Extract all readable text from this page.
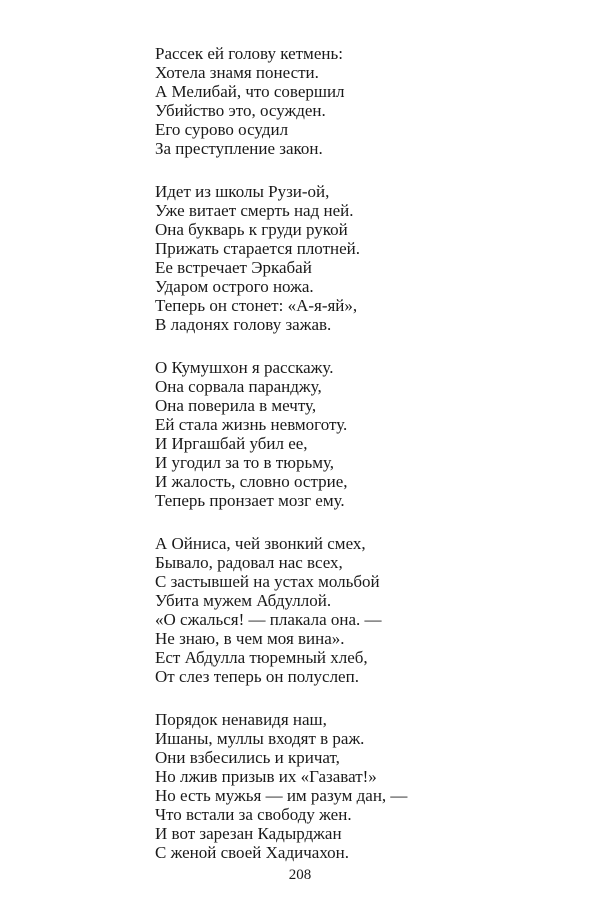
Рассек ей голову кетмень:
Хотела знамя понести.
А Мелибай, что совершил
Убийство это, осужден.
Его сурово осудил
За преступление закон.
Идет из школы Рузи-ой,
Уже витает смерть над ней.
Она букварь к груди рукой
Прижать старается плотней.
Ее встречает Эркабай
Ударом острого ножа.
Теперь он стонет: «А-я-яй»,
В ладонях голову зажав.
О Кумушхон я расскажу.
Она сорвала паранджу,
Она поверила в мечту,
Ей стала жизнь невмоготу.
И Иргашбай убил ее,
И угодил за то в тюрьму,
И жалость, словно острие,
Теперь пронзает мозг ему.
А Ойниса, чей звонкий смех,
Бывало, радовал нас всех,
С застывшей на устах мольбой
Убита мужем Абдуллой.
«О сжалься! — плакала она. —
Не знаю, в чем моя вина».
Ест Абдулла тюремный хлеб,
От слез теперь он полуслеп.
Порядок ненавидя наш,
Ишаны, муллы входят в раж.
Они взбесились и кричат,
Но лжив призыв их «Газават!»
Но есть мужья — им разум дан, —
Что встали за свободу жен.
И вот зарезан Кадырджан
С женой своей Хадичахон.
208
